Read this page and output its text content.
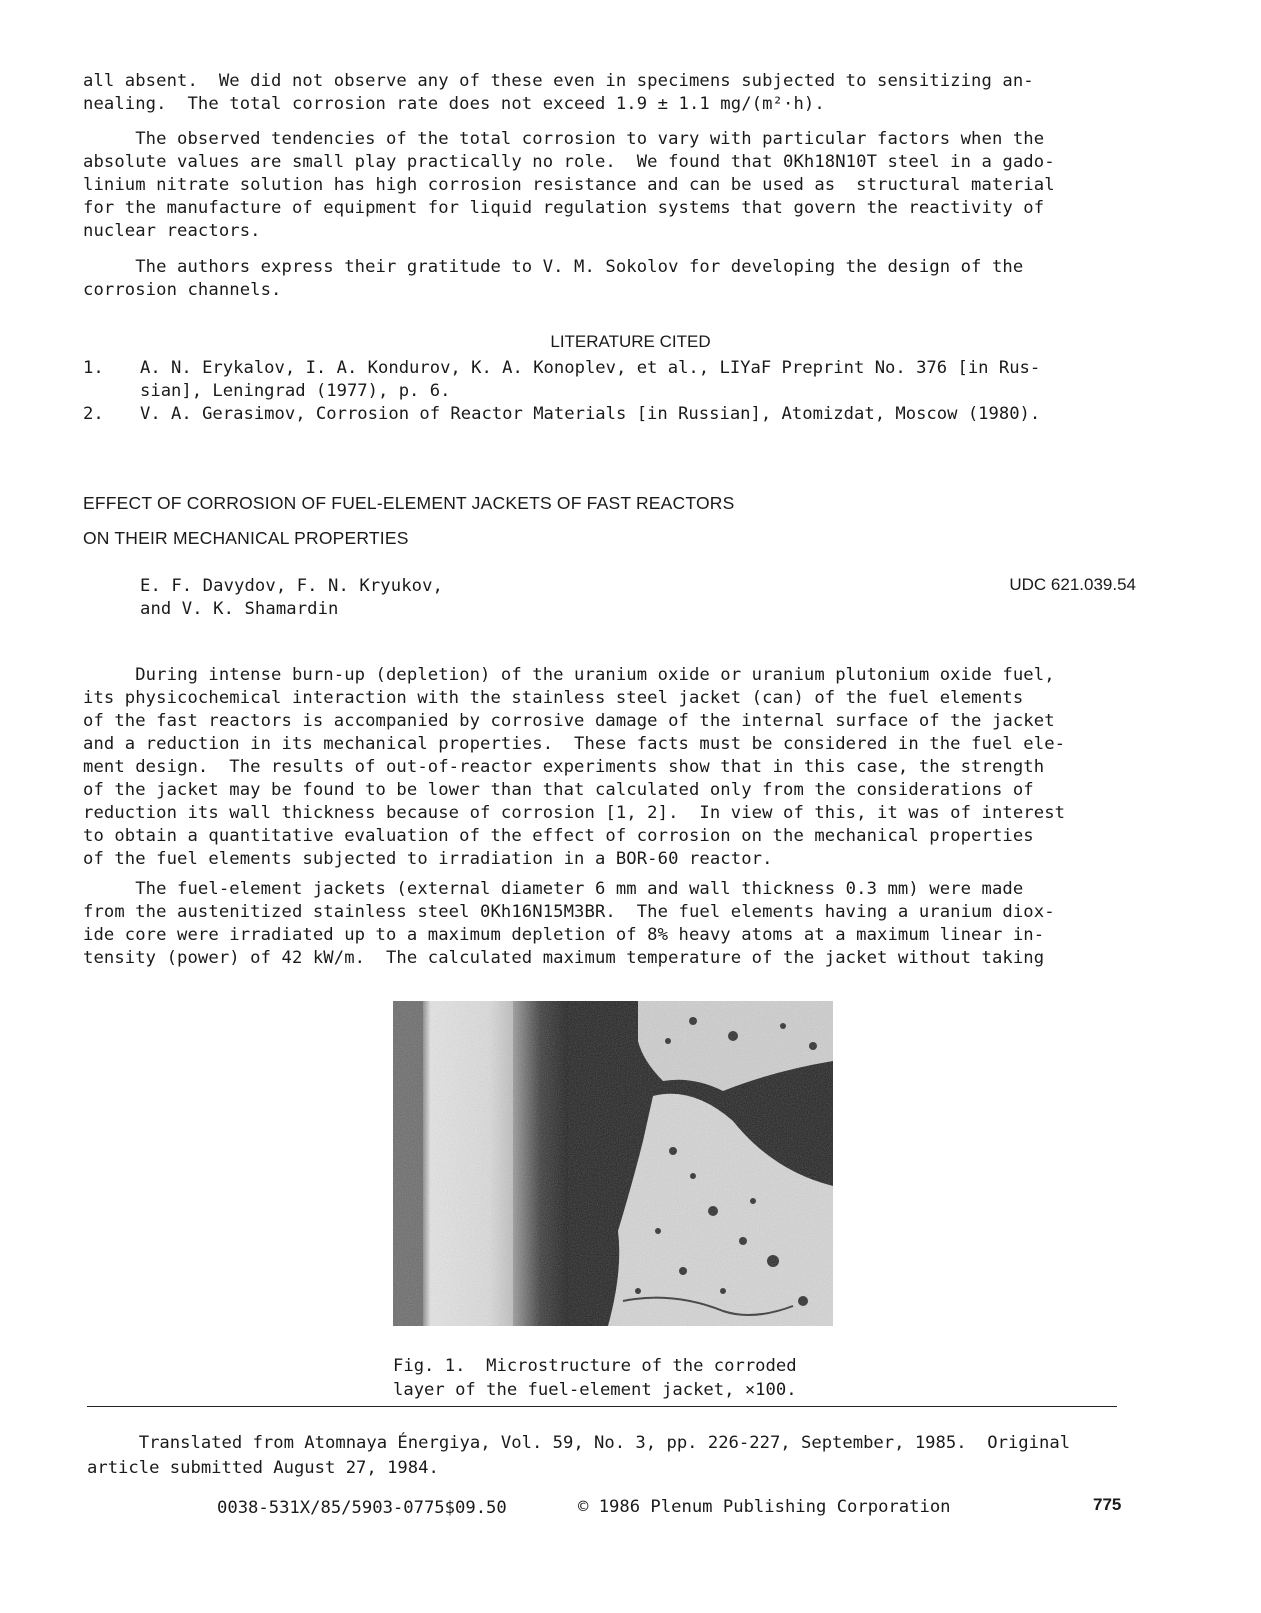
all absent.  We did not observe any of these even in specimens subjected to sensitizing an-
nealing.  The total corrosion rate does not exceed 1.9 ± 1.1 mg/(m²·h).

The observed tendencies of the total corrosion to vary with particular factors when the
absolute values are small play practically no role.  We found that 0Kh18N10T steel in a gado-
linium nitrate solution has high corrosion resistance and can be used as  structural material
for the manufacture of equipment for liquid regulation systems that govern the reactivity of
nuclear reactors.

The authors express their gratitude to V. M. Sokolov for developing the design of the
corrosion channels.

LITERATURE CITED
1. A. N. Erykalov, I. A. Kondurov, K. A. Konoplev, et al., LIYaF Preprint No. 376 [in Rus-
sian], Leningrad (1977), p. 6.
2. V. A. Gerasimov, Corrosion of Reactor Materials [in Russian], Atomizdat, Moscow (1980).
EFFECT OF CORROSION OF FUEL-ELEMENT JACKETS OF FAST REACTORS
ON THEIR MECHANICAL PROPERTIES

E. F. Davydov, F. N. Kryukov,
and V. K. Shamardin

UDC 621.039.54

During intense burn-up (depletion) of the uranium oxide or uranium plutonium oxide fuel,
its physicochemical interaction with the stainless steel jacket (can) of the fuel elements
of the fast reactors is accompanied by corrosive damage of the internal surface of the jacket
and a reduction in its mechanical properties.  These facts must be considered in the fuel ele-
ment design.  The results of out-of-reactor experiments show that in this case, the strength
of the jacket may be found to be lower than that calculated only from the considerations of
reduction its wall thickness because of corrosion [1, 2].  In view of this, it was of interest
to obtain a quantitative evaluation of the effect of corrosion on the mechanical properties
of the fuel elements subjected to irradiation in a BOR-60 reactor.

The fuel-element jackets (external diameter 6 mm and wall thickness 0.3 mm) were made
from the austenitized stainless steel 0Kh16N15M3BR.  The fuel elements having a uranium diox-
ide core were irradiated up to a maximum depletion of 8% heavy atoms at a maximum linear in-
tensity (power) of 42 kW/m.  The calculated maximum temperature of the jacket without taking

Fig. 1.  Microstructure of the corroded
layer of the fuel-element jacket, ×100.

Translated from Atomnaya Énergiya, Vol. 59, No. 3, pp. 226-227, September, 1985.  Original
article submitted August 27, 1984.

0038-531X/85/5903-0775$09.50	© 1986 Plenum Publishing Corporation	775
